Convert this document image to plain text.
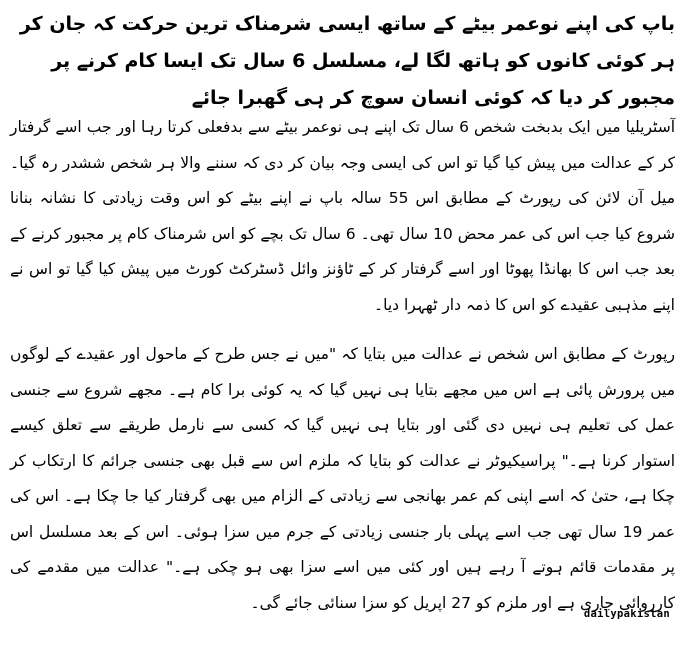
باپ کی اپنے نوعمر بیٹے کے ساتھ ایسی شرمناک ترین حرکت کہ جان کر ہر کوئی کانوں کو ہاتھ لگا لے، مسلسل 6 سال تک ایسا کام کرنے پر مجبور کر دیا کہ کوئی انسان سوچ کر ہی گھبرا جائے
آسٹریلیا میں ایک بدبخت شخص 6 سال تک اپنے ہی نوعمر بیٹے سے بدفعلی کرتا رہا اور جب اسے گرفتار کر کے عدالت میں پیش کیا گیا تو اس کی ایسی وجہ بیان کر دی کہ سننے والا ہر شخص ششدر رہ گیا۔ میل آن لائن کی رپورٹ کے مطابق اس 55 سالہ باپ نے اپنے بیٹے کو اس وقت زیادتی کا نشانہ بنانا شروع کیا جب اس کی عمر محض 10 سال تھی۔ 6 سال تک بچے کو اس شرمناک کام پر مجبور کرنے کے بعد جب اس کا بھانڈا پھوٹا اور اسے گرفتار کر کے ٹاؤنز وائل ڈسٹرکٹ کورٹ میں پیش کیا گیا تو اس نے اپنے مذہبی عقیدے کو اس کا ذمہ دار ٹھہرا دیا۔
رپورٹ کے مطابق اس شخص نے عدالت میں بتایا کہ "میں نے جس طرح کے ماحول اور عقیدے کے لوگوں میں پرورش پائی ہے اس میں مجھے بتایا ہی نہیں گیا کہ یہ کوئی برا کام ہے۔ مجھے شروع سے جنسی عمل کی تعلیم ہی نہیں دی گئی اور بتایا ہی نہیں گیا کہ کسی سے نارمل طریقے سے تعلق کیسے استوار کرنا ہے۔" پراسیکیوٹر نے عدالت کو بتایا کہ ملزم اس سے قبل بھی جنسی جرائم کا ارتکاب کر چکا ہے، حتیٰ کہ اسے اپنی کم عمر بھانجی سے زیادتی کے الزام میں بھی گرفتار کیا جا چکا ہے۔ اس کی عمر 19 سال تھی جب اسے پہلی بار جنسی زیادتی کے جرم میں سزا ہوئی۔ اس کے بعد مسلسل اس پر مقدمات قائم ہوتے آ رہے ہیں اور کئی میں اسے سزا بھی ہو چکی ہے۔" عدالت میں مقدمے کی کارروائی جاری ہے اور ملزم کو 27 اپریل کو سزا سنائی جائے گی۔
dailypakistan
